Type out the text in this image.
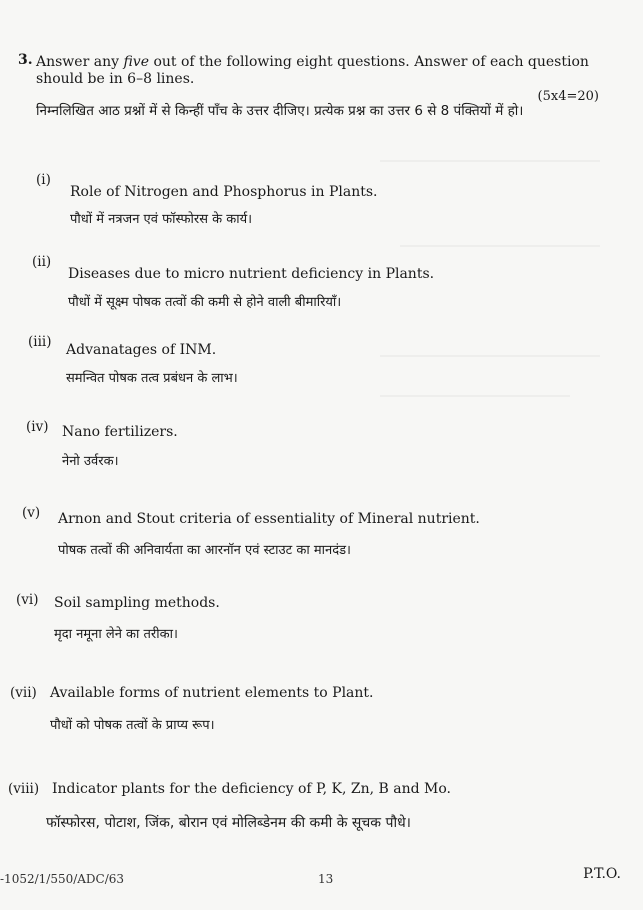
3. Answer any five out of the following eight questions. Answer of each question should be in 6–8 lines.
(5x4=20)
निम्नलिखित आठ प्रश्नों में से किन्हीं पाँच के उत्तर दीजिए। प्रत्येक प्रश्न का उत्तर 6 से 8 पंक्तियों में हो।
(i)
Role of Nitrogen and Phosphorus in Plants.
पौधों में नत्रजन एवं फॉस्फोरस के कार्य।
(ii)
Diseases due to micro nutrient deficiency in Plants.
पौधों में सूक्ष्म पोषक तत्वों की कमी से होने वाली बीमारियाँ।
(iii) Advanatages of INM.
समन्वित पोषक तत्व प्रबंधन के लाभ।
(iv) Nano fertilizers.
नेनो उर्वरक।
(v) Arnon and Stout criteria of essentiality of Mineral nutrient.
पोषक तत्वों की अनिवार्यता का आरनॉन एवं स्टाउट का मानदंड।
(vi) Soil sampling methods.
मृदा नमूना लेने का तरीका।
(vii) Available forms of nutrient elements to Plant.
पौधों को पोषक तत्वों के प्राप्य रूप।
(viii) Indicator plants for the deficiency of P, K, Zn, B and Mo.
फॉस्फोरस, पोटाश, जिंक, बोरान एवं मोलिब्डेनम की कमी के सूचक पौधे।
-1052/1/550/ADC/63	13	P.T.O.
